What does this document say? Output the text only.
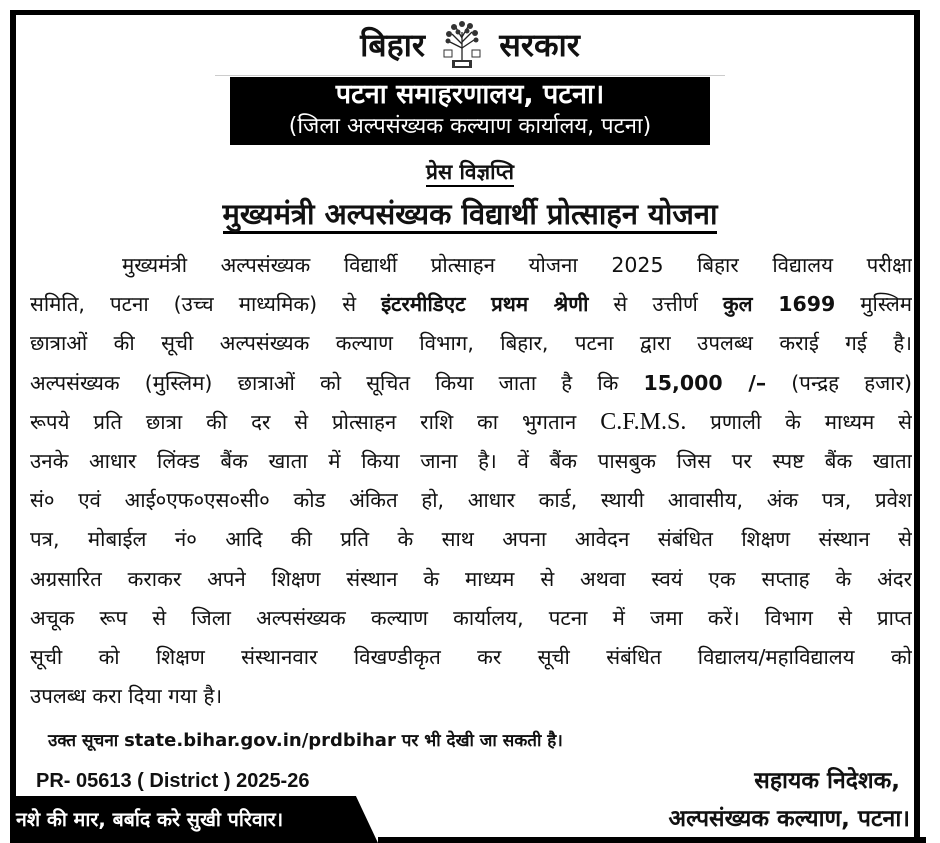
बिहार सरकार
पटना समाहरणालय, पटना।
(जिला अल्पसंख्यक कल्याण कार्यालय, पटना)
प्रेस विज्ञप्ति
मुख्यमंत्री अल्पसंख्यक विद्यार्थी प्रोत्साहन योजना
मुख्यमंत्री अल्पसंख्यक विद्यार्थी प्रोत्साहन योजना 2025 बिहार विद्यालय परीक्षा
समिति, पटना (उच्च माध्यमिक) से इंटरमीडिएट प्रथम श्रेणी से उत्तीर्ण कुल 1699 मुस्लिम
छात्राओं की सूची अल्पसंख्यक कल्याण विभाग, बिहार, पटना द्वारा उपलब्ध कराई गई है।
अल्पसंख्यक (मुस्लिम) छात्राओं को सूचित किया जाता है कि 15,000 /– (पन्द्रह हजार)
रूपये प्रति छात्रा की दर से प्रोत्साहन राशि का भुगतान C.F.M.S. प्रणाली के माध्यम से
उनके आधार लिंक्ड बैंक खाता में किया जाना है। वें बैंक पासबुक जिस पर स्पष्ट बैंक खाता
सं० एवं आई०एफ०एस०सी० कोड अंकित हो, आधार कार्ड, स्थायी आवासीय, अंक पत्र, प्रवेश
पत्र, मोबाईल नं० आदि की प्रति के साथ अपना आवेदन संबंधित शिक्षण संस्थान से
अग्रसारित कराकर अपने शिक्षण संस्थान के माध्यम से अथवा स्वयं एक सप्ताह के अंदर
अचूक रूप से जिला अल्पसंख्यक कल्याण कार्यालय, पटना में जमा करें। विभाग से प्राप्त
सूची को शिक्षण संस्थानवार विखण्डीकृत कर सूची संबंधित विद्यालय/महाविद्यालय को
उपलब्ध करा दिया गया है।
उक्त सूचना state.bihar.gov.in/prdbihar पर भी देखी जा सकती है।
PR- 05613 ( District ) 2025-26
नशे की मार, बर्बाद करे सुखी परिवार।
सहायक निदेशक,
अल्पसंख्यक कल्याण, पटना।
